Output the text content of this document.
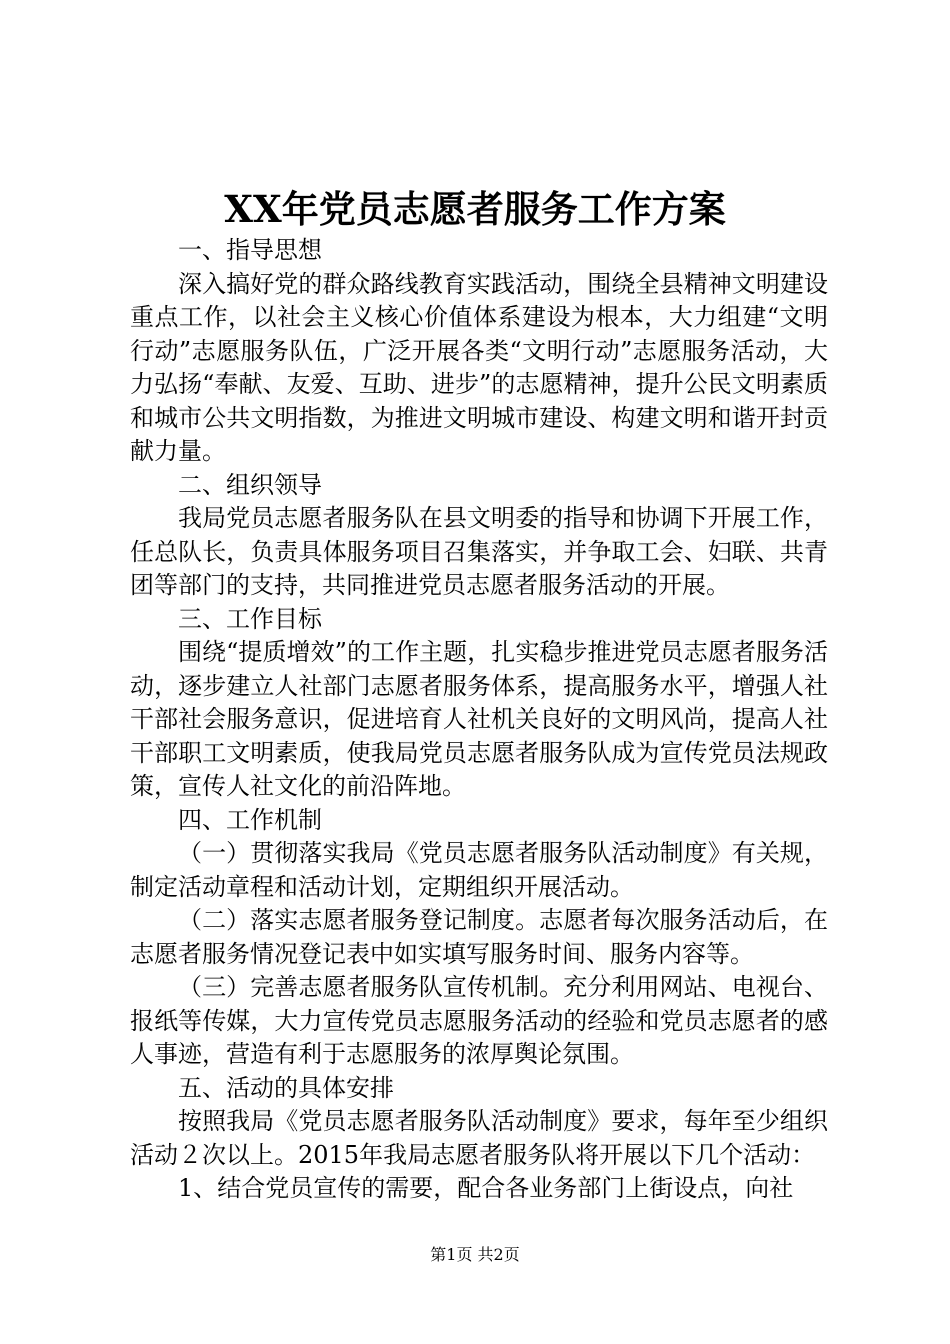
XX年党员志愿者服务工作方案

一、指导思想

深入搞好党的群众路线教育实践活动，围绕全县精神文明建设重点工作，以社会主义核心价值体系建设为根本，大力组建“文明行动”志愿服务队伍，广泛开展各类“文明行动”志愿服务活动，大力弘扬“奉献、友爱、互助、进步”的志愿精神，提升公民文明素质和城市公共文明指数，为推进文明城市建设、构建文明和谐开封贡献力量。

二、组织领导

我局党员志愿者服务队在县文明委的指导和协调下开展工作，任总队长，负责具体服务项目召集落实，并争取工会、妇联、共青团等部门的支持，共同推进党员志愿者服务活动的开展。

三、工作目标

围绕“提质增效”的工作主题，扎实稳步推进党员志愿者服务活动，逐步建立人社部门志愿者服务体系，提高服务水平，增强人社干部社会服务意识，促进培育人社机关良好的文明风尚，提高人社干部职工文明素质，使我局党员志愿者服务队成为宣传党员法规政策，宣传人社文化的前沿阵地。

四、工作机制

（一）贯彻落实我局《党员志愿者服务队活动制度》有关规，制定活动章程和活动计划，定期组织开展活动。

（二）落实志愿者服务登记制度。志愿者每次服务活动后，在志愿者服务情况登记表中如实填写服务时间、服务内容等。

（三）完善志愿者服务队宣传机制。充分利用网站、电视台、报纸等传媒，大力宣传党员志愿服务活动的经验和党员志愿者的感人事迹，营造有利于志愿服务的浓厚舆论氛围。

五、活动的具体安排

按照我局《党员志愿者服务队活动制度》要求，每年至少组织活动２次以上。2015年我局志愿者服务队将开展以下几个活动：

1、结合党员宣传的需要，配合各业务部门上街设点，向社

第1页 共2页
